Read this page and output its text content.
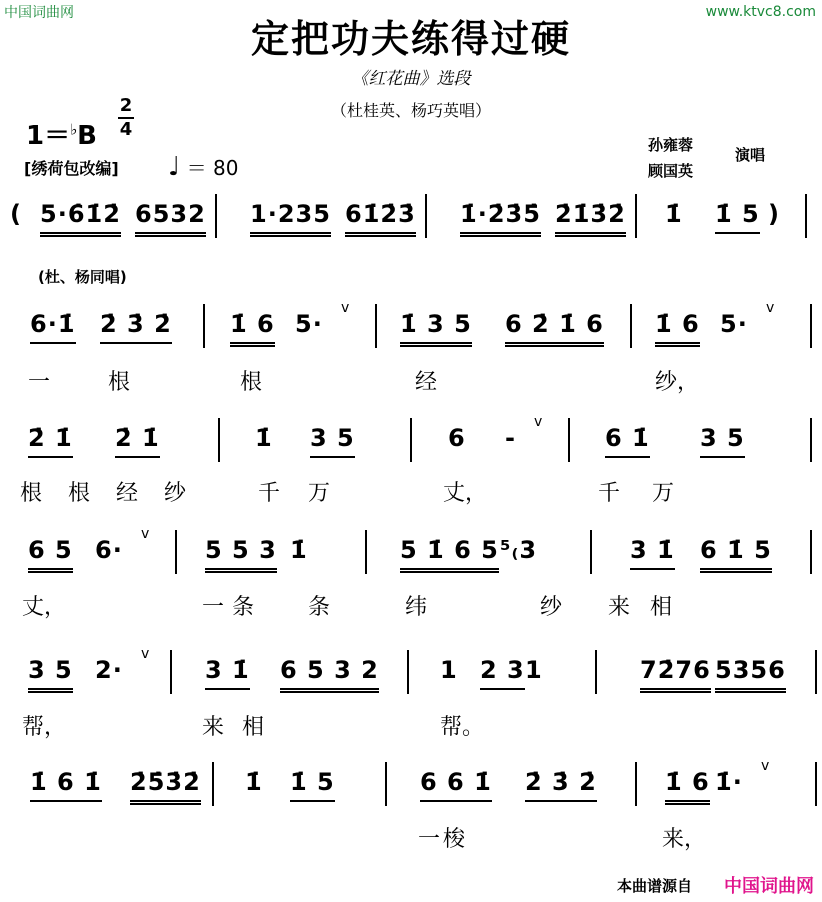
中国词曲网	www.ktvc8.com
定把功夫练得过硬
《红花曲》选段
（杜桂英、杨巧英唱）
1＝♭B
2
4
[绣荷包改编] ♩ ＝ 80
孙雍蓉
顾国英
演唱
(杜、杨同唱)
(	)
5·6̇1̇2̇ 6532 1·235 61̇2̇3̇ 1̇·2̇3̇5̇ 2̇1̇3̇2̇ 1̇ 1̇ 5
6·1̇ 2̇ 3̇ 2̇ 1̇ 6 5·
v
1̇ 3 5 6 2̇ 1̇ 6 1̇ 6 5·
v
一	根	根	经	纱，
2̇ 1̇ 2̇ 1̇	1̇ 3 5	6 -
v
6 1̇ 3 5
根 根 经 纱	千 万	丈，	千 万
6 5 6·
v
5 5 3 1̇	5 1̇ 6 5 ⁵₍3	3 1̇ 6 1̇ 5
丈，	一 条 条	纬	纱 来 相
3 5 2·
v
3 1̇ 6 5 3 2	1 2 3 1	72̇76 5356
帮，	来 相	帮。
1̇ 6 1̇ 2̇5̇3̇2̇ 1̇ 1̇ 5	6 6 1̇ 2̇ 3̇ 2̇	1̇ 6 1̇·
v
一 梭	来，
本曲谱源自 中国词曲网
